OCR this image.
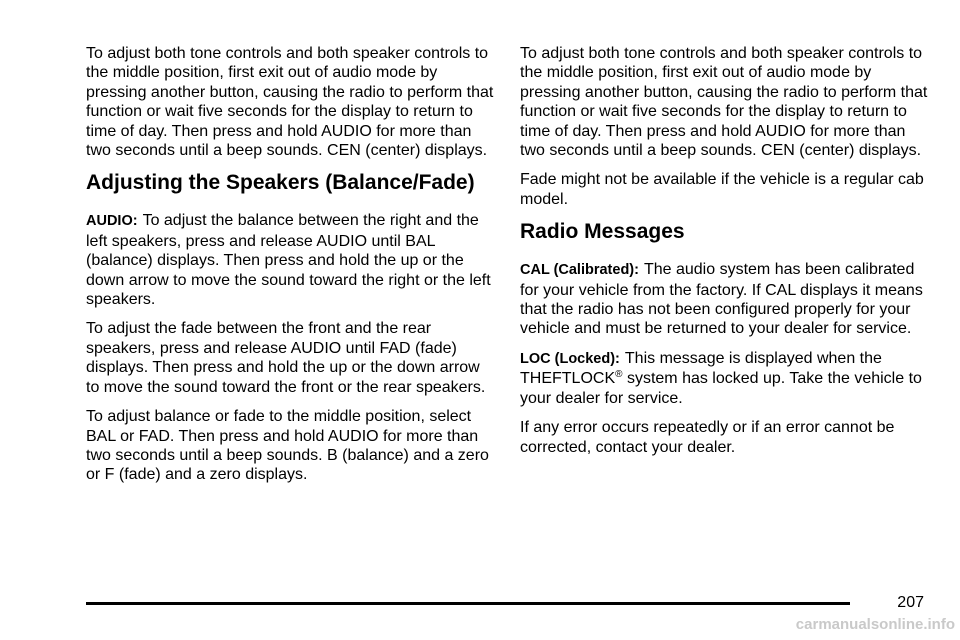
To adjust both tone controls and both speaker controls to the middle position, first exit out of audio mode by pressing another button, causing the radio to perform that function or wait five seconds for the display to return to time of day. Then press and hold AUDIO for more than two seconds until a beep sounds. CEN (center) displays.

Adjusting the Speakers (Balance/Fade)

AUDIO: To adjust the balance between the right and the left speakers, press and release AUDIO until BAL (balance) displays. Then press and hold the up or the down arrow to move the sound toward the right or the left speakers.

To adjust the fade between the front and the rear speakers, press and release AUDIO until FAD (fade) displays. Then press and hold the up or the down arrow to move the sound toward the front or the rear speakers.

To adjust balance or fade to the middle position, select BAL or FAD. Then press and hold AUDIO for more than two seconds until a beep sounds. B (balance) and a zero or F (fade) and a zero displays.

To adjust both tone controls and both speaker controls to the middle position, first exit out of audio mode by pressing another button, causing the radio to perform that function or wait five seconds for the display to return to time of day. Then press and hold AUDIO for more than two seconds until a beep sounds. CEN (center) displays.

Fade might not be available if the vehicle is a regular cab model.

Radio Messages

CAL (Calibrated): The audio system has been calibrated for your vehicle from the factory. If CAL displays it means that the radio has not been configured properly for your vehicle and must be returned to your dealer for service.

LOC (Locked): This message is displayed when the THEFTLOCK® system has locked up. Take the vehicle to your dealer for service.

If any error occurs repeatedly or if an error cannot be corrected, contact your dealer.

207
carmanualsonline.info
